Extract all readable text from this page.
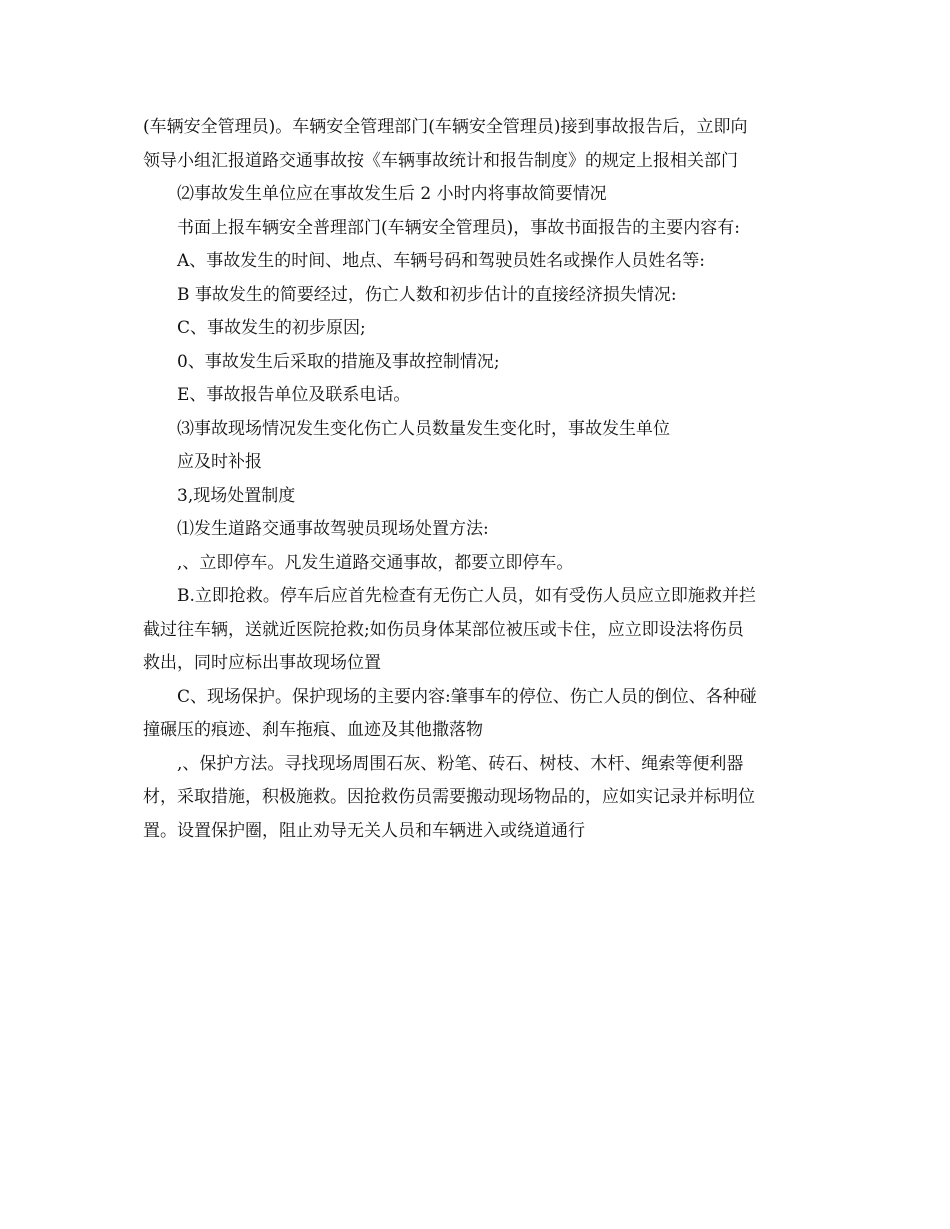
(车辆安全管理员)。车辆安全管理部门(车辆安全管理员)接到事故报告后，立即向
领导小组汇报道路交通事故按《车辆事故统计和报告制度》的规定上报相关部门
⑵事故发生单位应在事故发生后 2 小时内将事故简要情况
书面上报车辆安全普理部门(车辆安全管理员)，事故书面报告的主要内容有:
A、事故发生的时间、地点、车辆号码和驾驶员姓名或操作人员姓名等:
B 事故发生的简要经过，伤亡人数和初步估计的直接经济损失情况:
C、事故发生的初步原因;
0、事故发生后采取的措施及事故控制情况;
E、事故报告单位及联系电话。
⑶事故现场情况发生变化伤亡人员数量发生变化时，事故发生单位
应及时补报
3,现场处置制度
⑴发生道路交通事故驾驶员现场处置方法:
,、立即停车。凡发生道路交通事故，都要立即停车。
B.立即抢救。停车后应首先检查有无伤亡人员，如有受伤人员应立即施救并拦
截过往车辆，送就近医院抢救;如伤员身体某部位被压或卡住，应立即设法将伤员
救出，同时应标出事故现场位置
C、现场保护。保护现场的主要内容:肇事车的停位、伤亡人员的倒位、各种碰
撞碾压的痕迹、刹车拖痕、血迹及其他撒落物
,、保护方法。寻找现场周围石灰、粉笔、砖石、树枝、木杆、绳索等便利器
材，采取措施，积极施救。因抢救伤员需要搬动现场物品的，应如实记录并标明位
置。设置保护圈，阻止劝导无关人员和车辆进入或绕道通行
